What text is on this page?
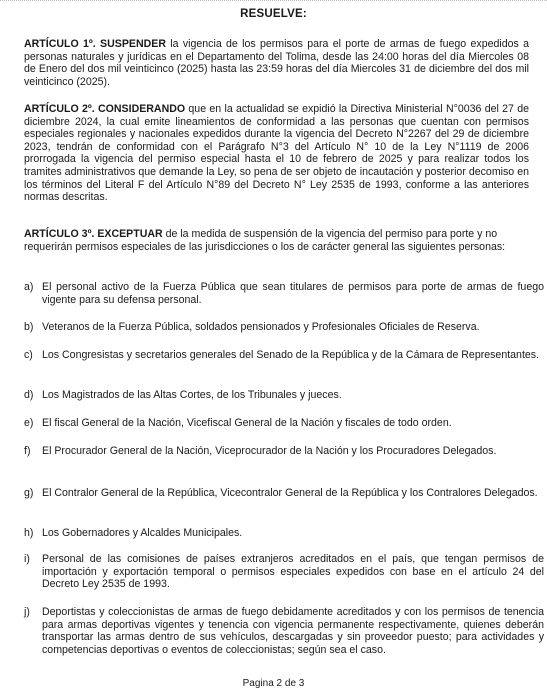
RESUELVE:
ARTÍCULO 1º. SUSPENDER la vigencia de los permisos para el porte de armas de fuego expedidos a personas naturales y jurídicas en el Departamento del Tolima, desde las 24:00 horas del día Miercoles 08 de Enero del dos mil veinticinco (2025) hasta las 23:59 horas del día Miercoles 31 de diciembre del dos mil veinticinco (2025).
ARTÍCULO 2º. CONSIDERANDO que en la actualidad se expidió la Directiva Ministerial N°0036 del 27 de diciembre 2024, la cual emite lineamientos de conformidad a las personas que cuentan con permisos especiales regionales y nacionales expedidos durante la vigencia del Decreto N°2267 del 29 de diciembre 2023, tendrán de conformidad con el Parágrafo N°3 del Artículo N° 10 de la Ley N°1119 de 2006 prorrogada la vigencia del permiso especial hasta el 10 de febrero de 2025 y para realizar todos los tramites administrativos que demande la Ley, so pena de ser objeto de incautación y posterior decomiso en los términos del Literal F del Artículo N°89 del Decreto N° Ley 2535 de 1993, conforme a las anteriores normas descritas.
ARTÍCULO 3º. EXCEPTUAR de la medida de suspensión de la vigencia del permiso para porte y no requerirán permisos especiales de las jurisdicciones o los de carácter general las siguientes personas:
a) El personal activo de la Fuerza Pública que sean titulares de permisos para porte de armas de fuego vigente para su defensa personal.
b) Veteranos de la Fuerza Pública, soldados pensionados y Profesionales Oficiales de Reserva.
c) Los Congresistas y secretarios generales del Senado de la República y de la Cámara de Representantes.
d) Los Magistrados de las Altas Cortes, de los Tribunales y jueces.
e) El fiscal General de la Nación, Vicefiscal General de la Nación y fiscales de todo orden.
f)	El Procurador General de la Nación, Viceprocurador de la Nación y los Procuradores Delegados.
g) El Contralor General de la República, Vicecontralor General de la República y los Contralores Delegados.
h) Los Gobernadores y Alcaldes Municipales.
i)	Personal de las comisiones de países extranjeros acreditados en el país, que tengan permisos de importación y exportación temporal o permisos especiales expedidos con base en el artículo 24 del Decreto Ley 2535 de 1993.
j)	Deportistas y coleccionistas de armas de fuego debidamente acreditados y con los permisos de tenencia para armas deportivas vigentes y tenencia con vigencia permanente respectivamente, quienes deberán transportar las armas dentro de sus vehículos, descargadas y sin proveedor puesto; para actividades y competencias deportivas o eventos de coleccionistas; según sea el caso.
Pagina 2 de 3
